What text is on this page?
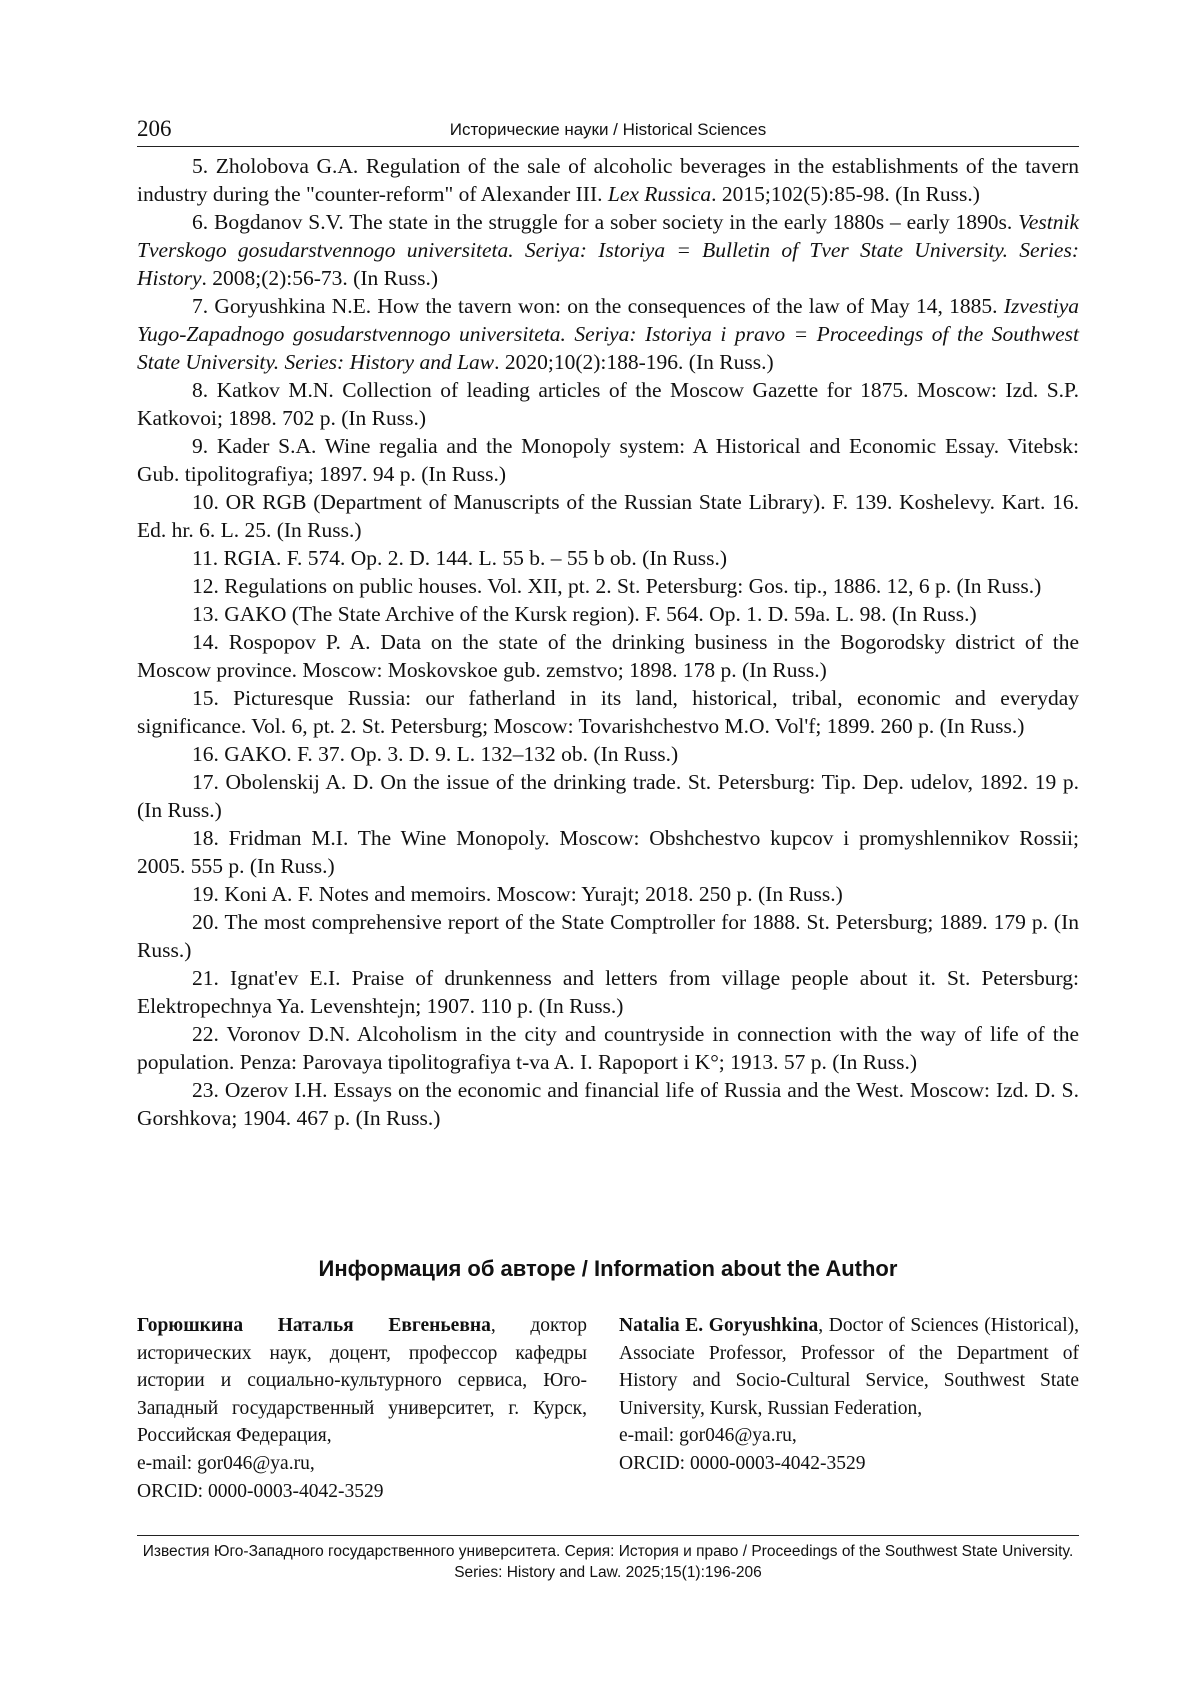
206	Исторические науки / Historical Sciences

5. Zholobova G.A. Regulation of the sale of alcoholic beverages in the establishments of the tavern industry during the "counter-reform" of Alexander III. Lex Russica. 2015;102(5):85-98. (In Russ.)

6. Bogdanov S.V. The state in the struggle for a sober society in the early 1880s – early 1890s. Vestnik Tverskogo gosudarstvennogo universiteta. Seriya: Istoriya = Bulletin of Tver State University. Series: History. 2008;(2):56-73. (In Russ.)

7. Goryushkina N.E. How the tavern won: on the consequences of the law of May 14, 1885. Izvestiya Yugo-Zapadnogo gosudarstvennogo universiteta. Seriya: Istoriya i pravo = Proceedings of the Southwest State University. Series: History and Law. 2020;10(2):188-196. (In Russ.)

8. Katkov M.N. Collection of leading articles of the Moscow Gazette for 1875. Moscow: Izd. S.P. Katkovoi; 1898. 702 p. (In Russ.)

9. Kader S.A. Wine regalia and the Monopoly system: A Historical and Economic Essay. Vitebsk: Gub. tipolitografiya; 1897. 94 p. (In Russ.)

10. OR RGB (Department of Manuscripts of the Russian State Library). F. 139. Koshelevy. Kart. 16. Ed. hr. 6. L. 25. (In Russ.)

11. RGIA. F. 574. Op. 2. D. 144. L. 55 b. – 55 b ob. (In Russ.)

12. Regulations on public houses. Vol. XII, pt. 2. St. Petersburg: Gos. tip., 1886. 12, 6 p. (In Russ.)

13. GAKO (The State Archive of the Kursk region). F. 564. Op. 1. D. 59a. L. 98. (In Russ.)

14. Rospopov P. A. Data on the state of the drinking business in the Bogorodsky district of the Moscow province. Moscow: Moskovskoe gub. zemstvo; 1898. 178 p. (In Russ.)

15. Picturesque Russia: our fatherland in its land, historical, tribal, economic and everyday significance. Vol. 6, pt. 2. St. Petersburg; Moscow: Tovarishchestvo M.O. Vol'f; 1899. 260 p. (In Russ.)

16. GAKO. F. 37. Op. 3. D. 9. L. 132–132 ob. (In Russ.)

17. Obolenskij A. D. On the issue of the drinking trade. St. Petersburg: Tip. Dep. udelov, 1892. 19 p. (In Russ.)

18. Fridman M.I. The Wine Monopoly. Moscow: Obshchestvo kupcov i promyshlennikov Rossii; 2005. 555 p. (In Russ.)

19. Koni A. F. Notes and memoirs. Moscow: Yurajt; 2018. 250 p. (In Russ.)

20. The most comprehensive report of the State Comptroller for 1888. St. Petersburg; 1889. 179 p. (In Russ.)

21. Ignat'ev E.I. Praise of drunkenness and letters from village people about it. St. Petersburg: Elektropechnya Ya. Levenshtejn; 1907. 110 p. (In Russ.)

22. Voronov D.N. Alcoholism in the city and countryside in connection with the way of life of the population. Penza: Parovaya tipolitografiya t-va A. I. Rapoport i K°; 1913. 57 p. (In Russ.)

23. Ozerov I.H. Essays on the economic and financial life of Russia and the West. Moscow: Izd. D. S. Gorshkova; 1904. 467 p. (In Russ.)

Информация об авторе / Information about the Author
Горюшкина Наталья Евгеньевна, доктор исторических наук, доцент, профессор кафедры истории и социально-культурного сервиса, Юго-Западный государственный университет, г. Курск, Российская Федерация,
e-mail: gor046@ya.ru,
ORCID: 0000-0003-4042-3529
Natalia E. Goryushkina, Doctor of Sciences (Historical), Associate Professor, Professor of the Department of History and Socio-Cultural Service, Southwest State University, Kursk, Russian Federation,
e-mail: gor046@ya.ru,
ORCID: 0000-0003-4042-3529
Известия Юго-Западного государственного университета. Серия: История и право / Proceedings of the Southwest State University. Series: History and Law. 2025;15(1):196-206
